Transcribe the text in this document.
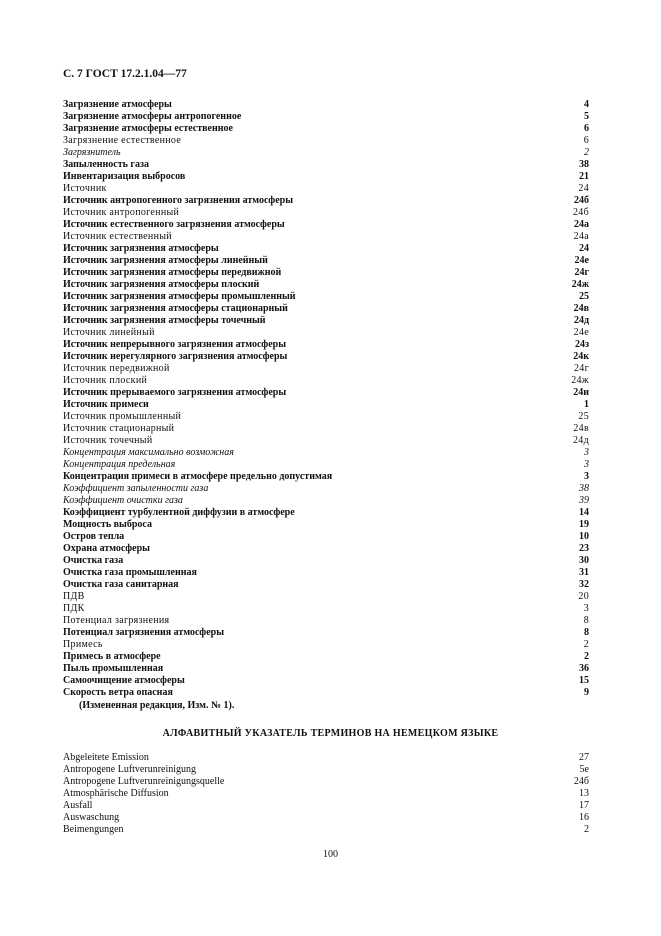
С. 7 ГОСТ 17.2.1.04—77
Загрязнение атмосферы	4
Загрязнение атмосферы антропогенное	5
Загрязнение атмосферы естественное	6
Загрязнение естественное	6
Загрязнитель	2
Запыленность газа	38
Инвентаризация выбросов	21
Источник	24
Источник антропогенного загрязнения атмосферы	24б
Источник антропогенный	24б
Источник естественного загрязнения атмосферы	24а
Источник естественный	24а
Источник загрязнения атмосферы	24
Источник загрязнения атмосферы линейный	24е
Источник загрязнения атмосферы передвижной	24г
Источник загрязнения атмосферы плоский	24ж
Источник загрязнения атмосферы промышленный	25
Источник загрязнения атмосферы стационарный	24в
Источник загрязнения атмосферы точечный	24д
Источник линейный	24е
Источник непрерывного загрязнения атмосферы	24з
Источник нерегулярного загрязнения атмосферы	24к
Источник передвижной	24г
Источник плоский	24ж
Источник прерываемого загрязнения атмосферы	24и
Источник примеси	1
Источник промышленный	25
Источник стационарный	24в
Источник точечный	24д
Концентрация максимально возможная	3
Концентрация предельная	3
Концентрация примеси в атмосфере предельно допустимая	3
Коэффициент запыленности газа	38
Коэффициент очистки газа	39
Коэффициент турбулентной диффузии в атмосфере	14
Мощность выброса	19
Остров тепла	10
Охрана атмосферы	23
Очистка газа	30
Очистка газа промышленная	31
Очистка газа санитарная	32
ПДВ	20
ПДК	3
Потенциал загрязнения	8
Потенциал загрязнения атмосферы	8
Примесь	2
Примесь в атмосфере	2
Пыль промышленная	36
Самоочищение атмосферы	15
Скорость ветра опасная	9
(Измененная редакция, Изм. № 1).
АЛФАВИТНЫЙ УКАЗАТЕЛЬ ТЕРМИНОВ НА НЕМЕЦКОМ ЯЗЫКЕ
Abgeleitete Emission	27
Antropogene Luftverunreinigung	5е
Antropogene Luftverunreinigungsquelle	24б
Atmosphärische Diffusion	13
Ausfall	17
Auswaschung	16
Beimengungen	2
100
